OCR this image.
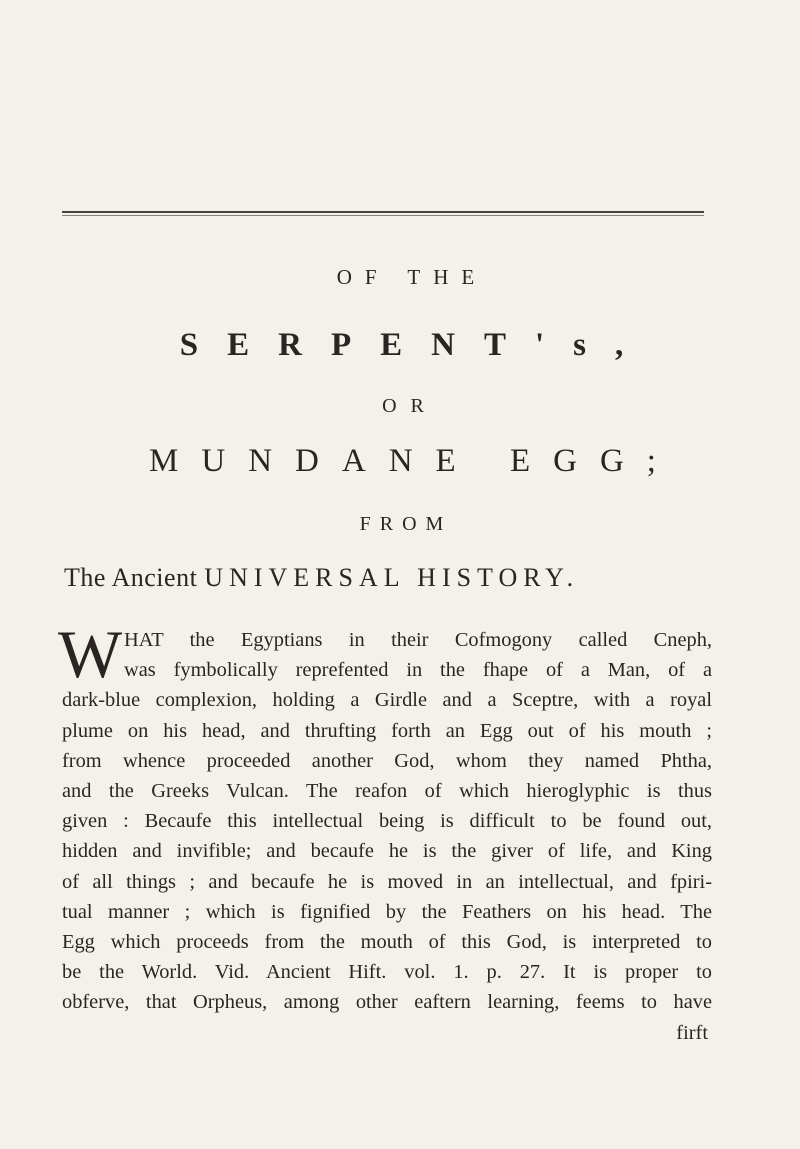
OF THE
SERPENT's,
OR
MUNDANE EGG;
FROM
The Ancient UNIVERSAL HISTORY.
W HAT the Egyptians in their Cofmogony called Cneph,
was fymbolically reprefented in the fhape of a Man, of a
dark-blue complexion, holding a Girdle and a Sceptre, with a royal
plume on his head, and thrufting forth an Egg out of his mouth ;
from whence proceeded another God, whom they named Phtha,
and the Greeks Vulcan. The reafon of which hieroglyphic is thus
given : Becaufe this intellectual being is difficult to be found out,
hidden and invifible; and becaufe he is the giver of life, and King
of all things ; and becaufe he is moved in an intellectual, and fpiri-
tual manner ; which is fignified by the Feathers on his head. The
Egg which proceeds from the mouth of this God, is interpreted to
be the World. Vid. Ancient Hift. vol. 1. p. 27. It is proper to
obferve, that Orpheus, among other eaftern learning, feems to have
firft
